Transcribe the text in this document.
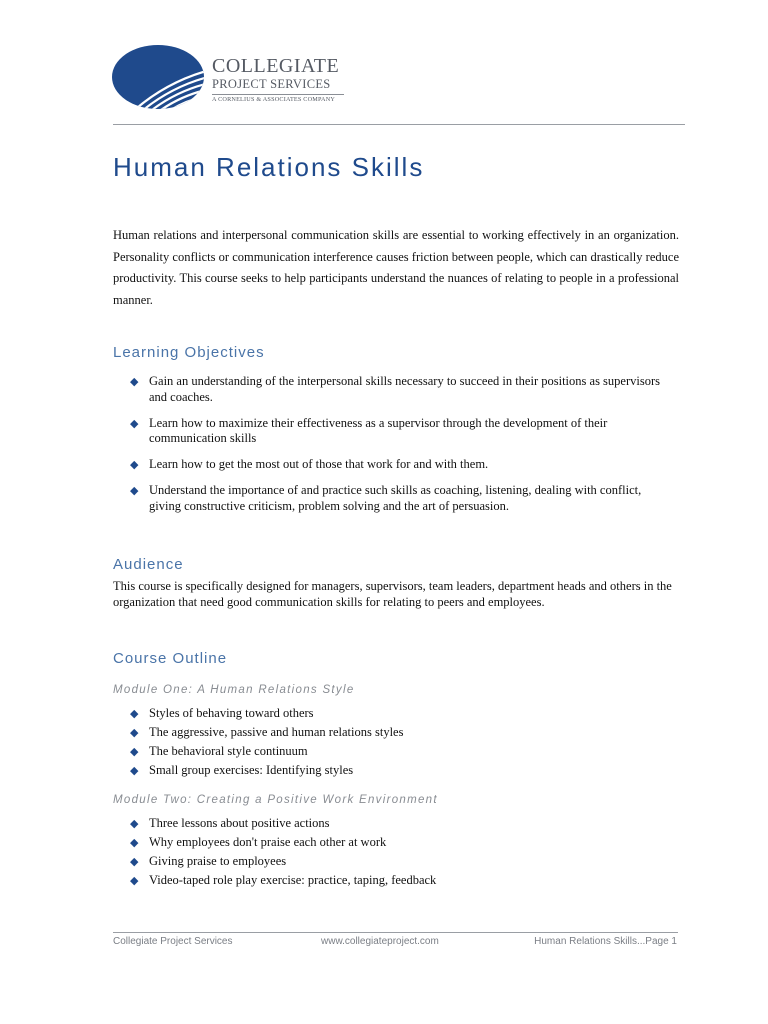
COLLEGIATE
PROJECT SERVICES
A CORNELIUS & ASSOCIATES COMPANY
Human Relations Skills
Human relations and interpersonal communication skills are essential to working effectively in an organization. Personality conflicts or communication interference causes friction between people, which can drastically reduce productivity. This course seeks to help participants understand the nuances of relating to people in a professional manner.
Learning Objectives
◆ Gain an understanding of the interpersonal skills necessary to succeed in their positions as supervisors and coaches.
◆ Learn how to maximize their effectiveness as a supervisor through the development of their communication skills
◆ Learn how to get the most out of those that work for and with them.
◆ Understand the importance of and practice such skills as coaching, listening, dealing with conflict, giving constructive criticism, problem solving and the art of persuasion.
Audience
This course is specifically designed for managers, supervisors, team leaders, department heads and others in the organization that need good communication skills for relating to peers and employees.
Course Outline
Module One: A Human Relations Style
◆ Styles of behaving toward others
◆ The aggressive, passive and human relations styles
◆ The behavioral style continuum
◆ Small group exercises: Identifying styles
Module Two: Creating a Positive Work Environment
◆ Three lessons about positive actions
◆ Why employees don't praise each other at work
◆ Giving praise to employees
◆ Video-taped role play exercise: practice, taping, feedback
Collegiate Project Services	www.collegiateproject.com	Human Relations Skills...Page 1
